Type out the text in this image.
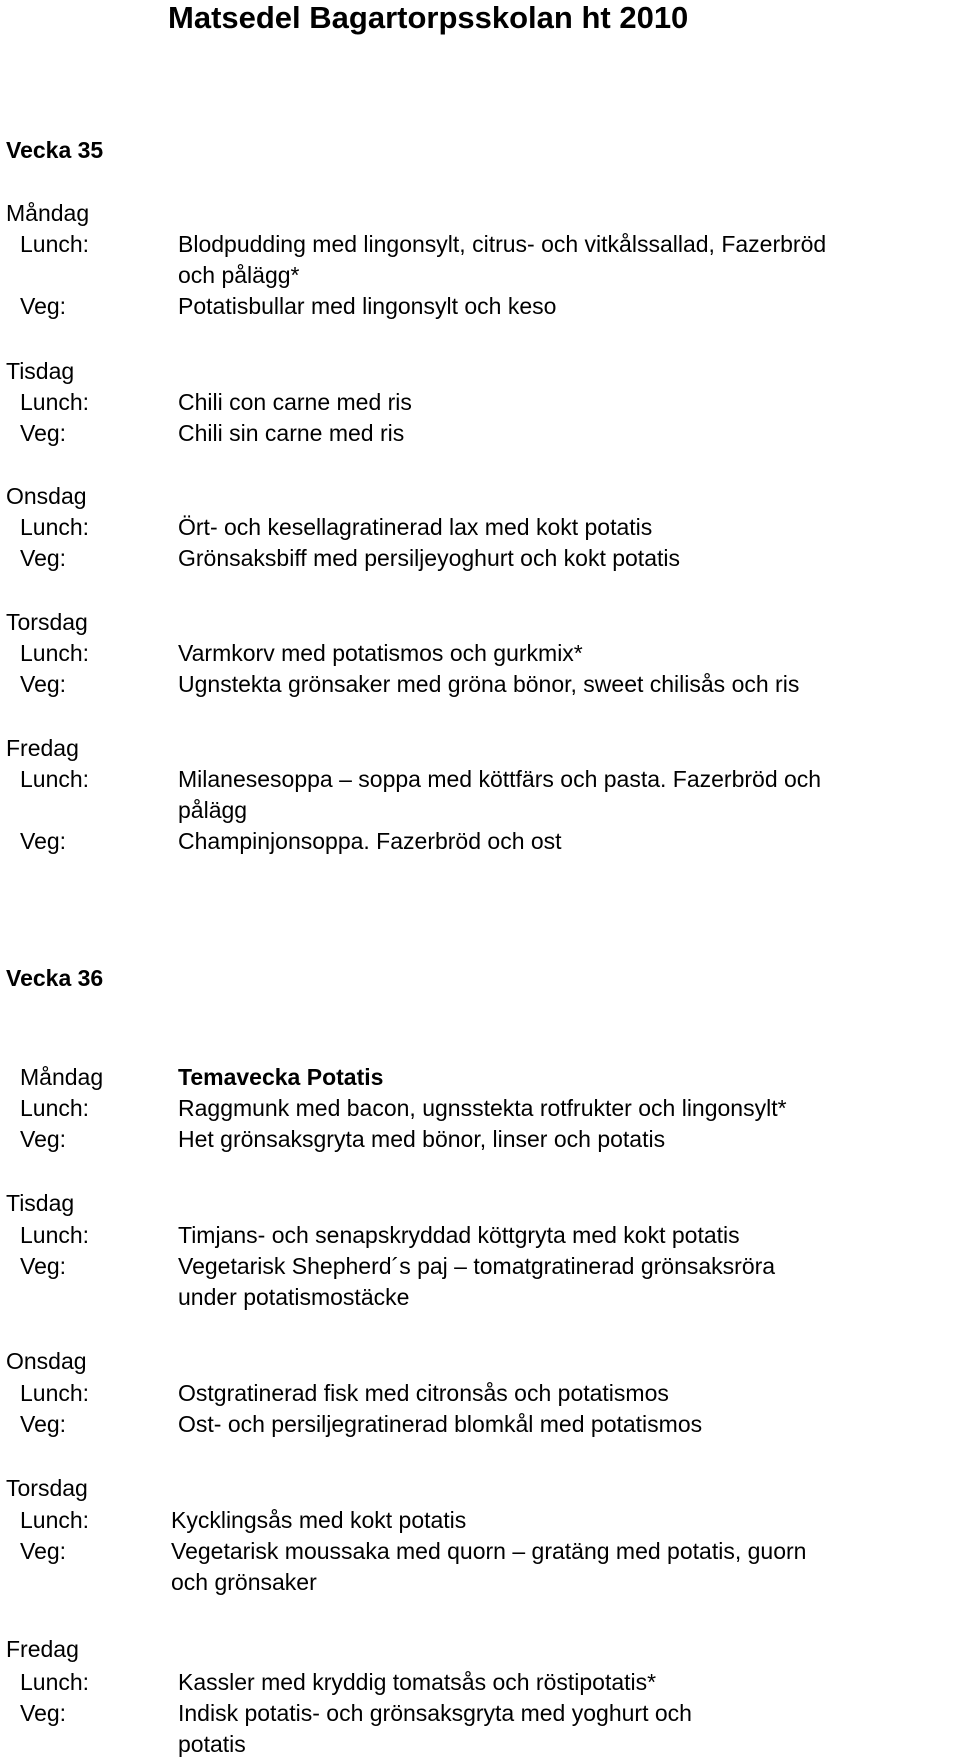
Matsedel Bagartorpsskolan ht 2010
Vecka 35
Måndag
Lunch:	Blodpudding med lingonsylt, citrus- och vitkålssallad, Fazerbröd
och pålägg*
Veg:	Potatisbullar med lingonsylt och keso
Tisdag
Lunch:	Chili con carne med ris
Veg:	Chili sin carne med ris
Onsdag
Lunch:	Ört- och kesellagratinerad lax med kokt potatis
Veg:	Grönsaksbiff med persiljeyoghurt och kokt potatis
Torsdag
Lunch:	Varmkorv med potatismos och gurkmix*
Veg:	Ugnstekta grönsaker med gröna bönor, sweet chilisås och ris
Fredag
Lunch:	Milanesesoppa – soppa med köttfärs och pasta. Fazerbröd och
pålägg
Veg:	Champinjonsoppa. Fazerbröd och ost
Vecka 36
Måndag	Temavecka Potatis
Lunch:	Raggmunk med bacon, ugnsstekta rotfrukter och lingonsylt*
Veg:	Het grönsaksgryta med bönor, linser och potatis
Tisdag
Lunch:	Timjans- och senapskryddad köttgryta med kokt potatis
Veg:	Vegetarisk Shepherd´s paj – tomatgratinerad grönsaksröra
under potatismostäcke
Onsdag
Lunch:	Ostgratinerad fisk med citronsås och potatismos
Veg:	Ost- och persiljegratinerad blomkål med potatismos
Torsdag
Lunch:	Kycklingsås med kokt potatis
Veg:	Vegetarisk moussaka med quorn – gratäng med potatis, guorn
och grönsaker
Fredag
Lunch:	Kassler med kryddig tomatsås och röstipotatis*
Veg:	Indisk potatis- och grönsaksgryta med yoghurt och
potatis
